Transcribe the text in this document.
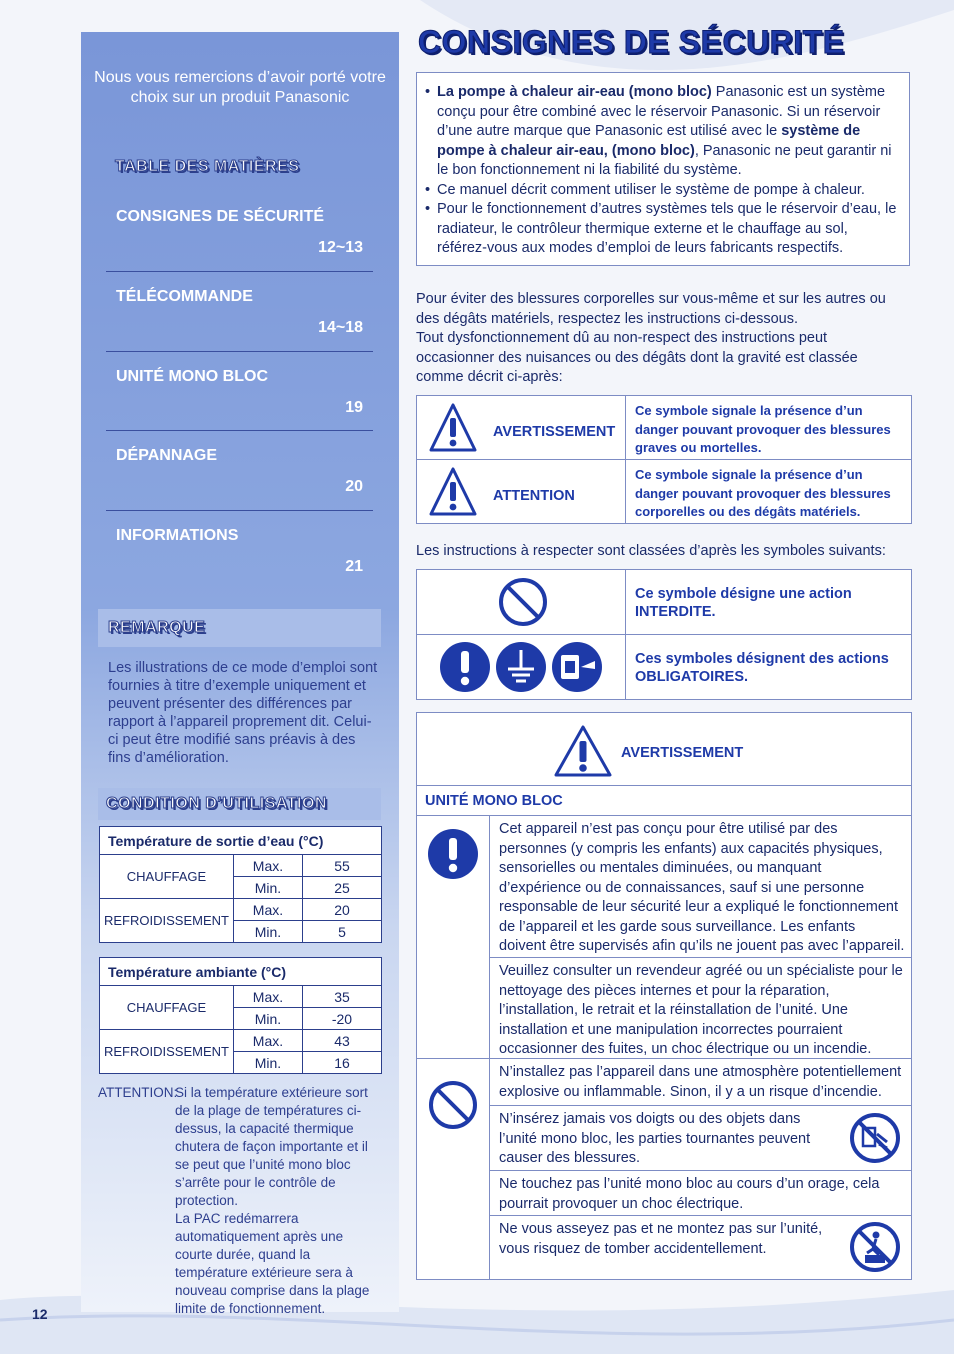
Nous vous remercions d’avoir porté votre choix sur un produit Panasonic
TABLE DES MATIÈRES
CONSIGNES DE SÉCURITÉ
12~13
TÉLÉCOMMANDE
14~18
UNITÉ MONO BLOC
19
DÉPANNAGE
20
INFORMATIONS
21
REMARQUE
Les illustrations de ce mode d’emploi sont fournies à titre d’exemple uniquement et peuvent présenter des différences par rapport à l’appareil proprement dit. Celui-ci peut être modifié sans préavis à des fins d’amélioration.
CONDITION D’UTILISATION
Température de sortie d’eau (°C)		
CHAUFFAGE	Max.	55
	Min.	25
REFROIDISSEMENT	Max.	20
	Min.	5
Température ambiante (°C)		
CHAUFFAGE	Max.	35
	Min.	-20
REFROIDISSEMENT	Max.	43
	Min.	16
ATTENTION:
Si la température extérieure sort de la plage de températures ci-dessus, la capacité thermique chutera de façon importante et il se peut que l’unité mono bloc s’arrête pour le contrôle de protection.
La PAC redémarrera automatiquement après une courte durée, quand la température extérieure sera à nouveau comprise dans la plage limite de fonctionnement.
12
CONSIGNES DE SÉCURITÉ
• La pompe à chaleur air-eau (mono bloc) Panasonic est un système conçu pour être combiné avec le réservoir Panasonic. Si un réservoir d’une autre marque que Panasonic est utilisé avec le système de pompe à chaleur air-eau, (mono bloc), Panasonic ne peut garantir ni le bon fonctionnement ni la fiabilité du système.
• Ce manuel décrit comment utiliser le système de pompe à chaleur.
• Pour le fonctionnement d’autres systèmes tels que le réservoir d’eau, le radiateur, le contrôleur thermique externe et le chauffage au sol, référez-vous aux modes d’emploi de leurs fabricants respectifs.
Pour éviter des blessures corporelles sur vous-même et sur les autres ou des dégâts matériels, respectez les instructions ci-dessous.
Tout dysfonctionnement dû au non-respect des instructions peut occasionner des nuisances ou des dégâts dont la gravité est classée comme décrit ci-après:
AVERTISSEMENT
Ce symbole signale la présence d’un danger pouvant provoquer des blessures graves ou mortelles.
ATTENTION
Ce symbole signale la présence d’un danger pouvant provoquer des blessures corporelles ou des dégâts matériels.
Les instructions à respecter sont classées d’après les symboles suivants:
Ce symbole désigne une action INTERDITE.
Ces symboles désignent des actions OBLIGATOIRES.
AVERTISSEMENT
UNITÉ MONO BLOC
Cet appareil n’est pas conçu pour être utilisé par des personnes (y compris les enfants) aux capacités physiques, sensorielles ou mentales diminuées, ou manquant d’expérience ou de connaissances, sauf si une personne responsable de leur sécurité leur a expliqué le fonctionnement de l’appareil et les garde sous surveillance. Les enfants doivent être supervisés afin qu’ils ne jouent pas avec l’appareil.
Veuillez consulter un revendeur agréé ou un spécialiste pour le nettoyage des pièces internes et pour la réparation, l’installation, le retrait et la réinstallation de l’unité. Une installation et une manipulation incorrectes pourraient occasionner des fuites, un choc électrique ou un incendie.
N’installez pas l’appareil dans une atmosphère potentiellement explosive ou inflammable. Sinon, il y a un risque d’incendie.
N’insérez jamais vos doigts ou des objets dans l’unité mono bloc, les parties tournantes peuvent causer des blessures.
Ne touchez pas l’unité mono bloc au cours d’un orage, cela pourrait provoquer un choc électrique.
Ne vous asseyez pas et ne montez pas sur l’unité, vous risquez de tomber accidentellement.
